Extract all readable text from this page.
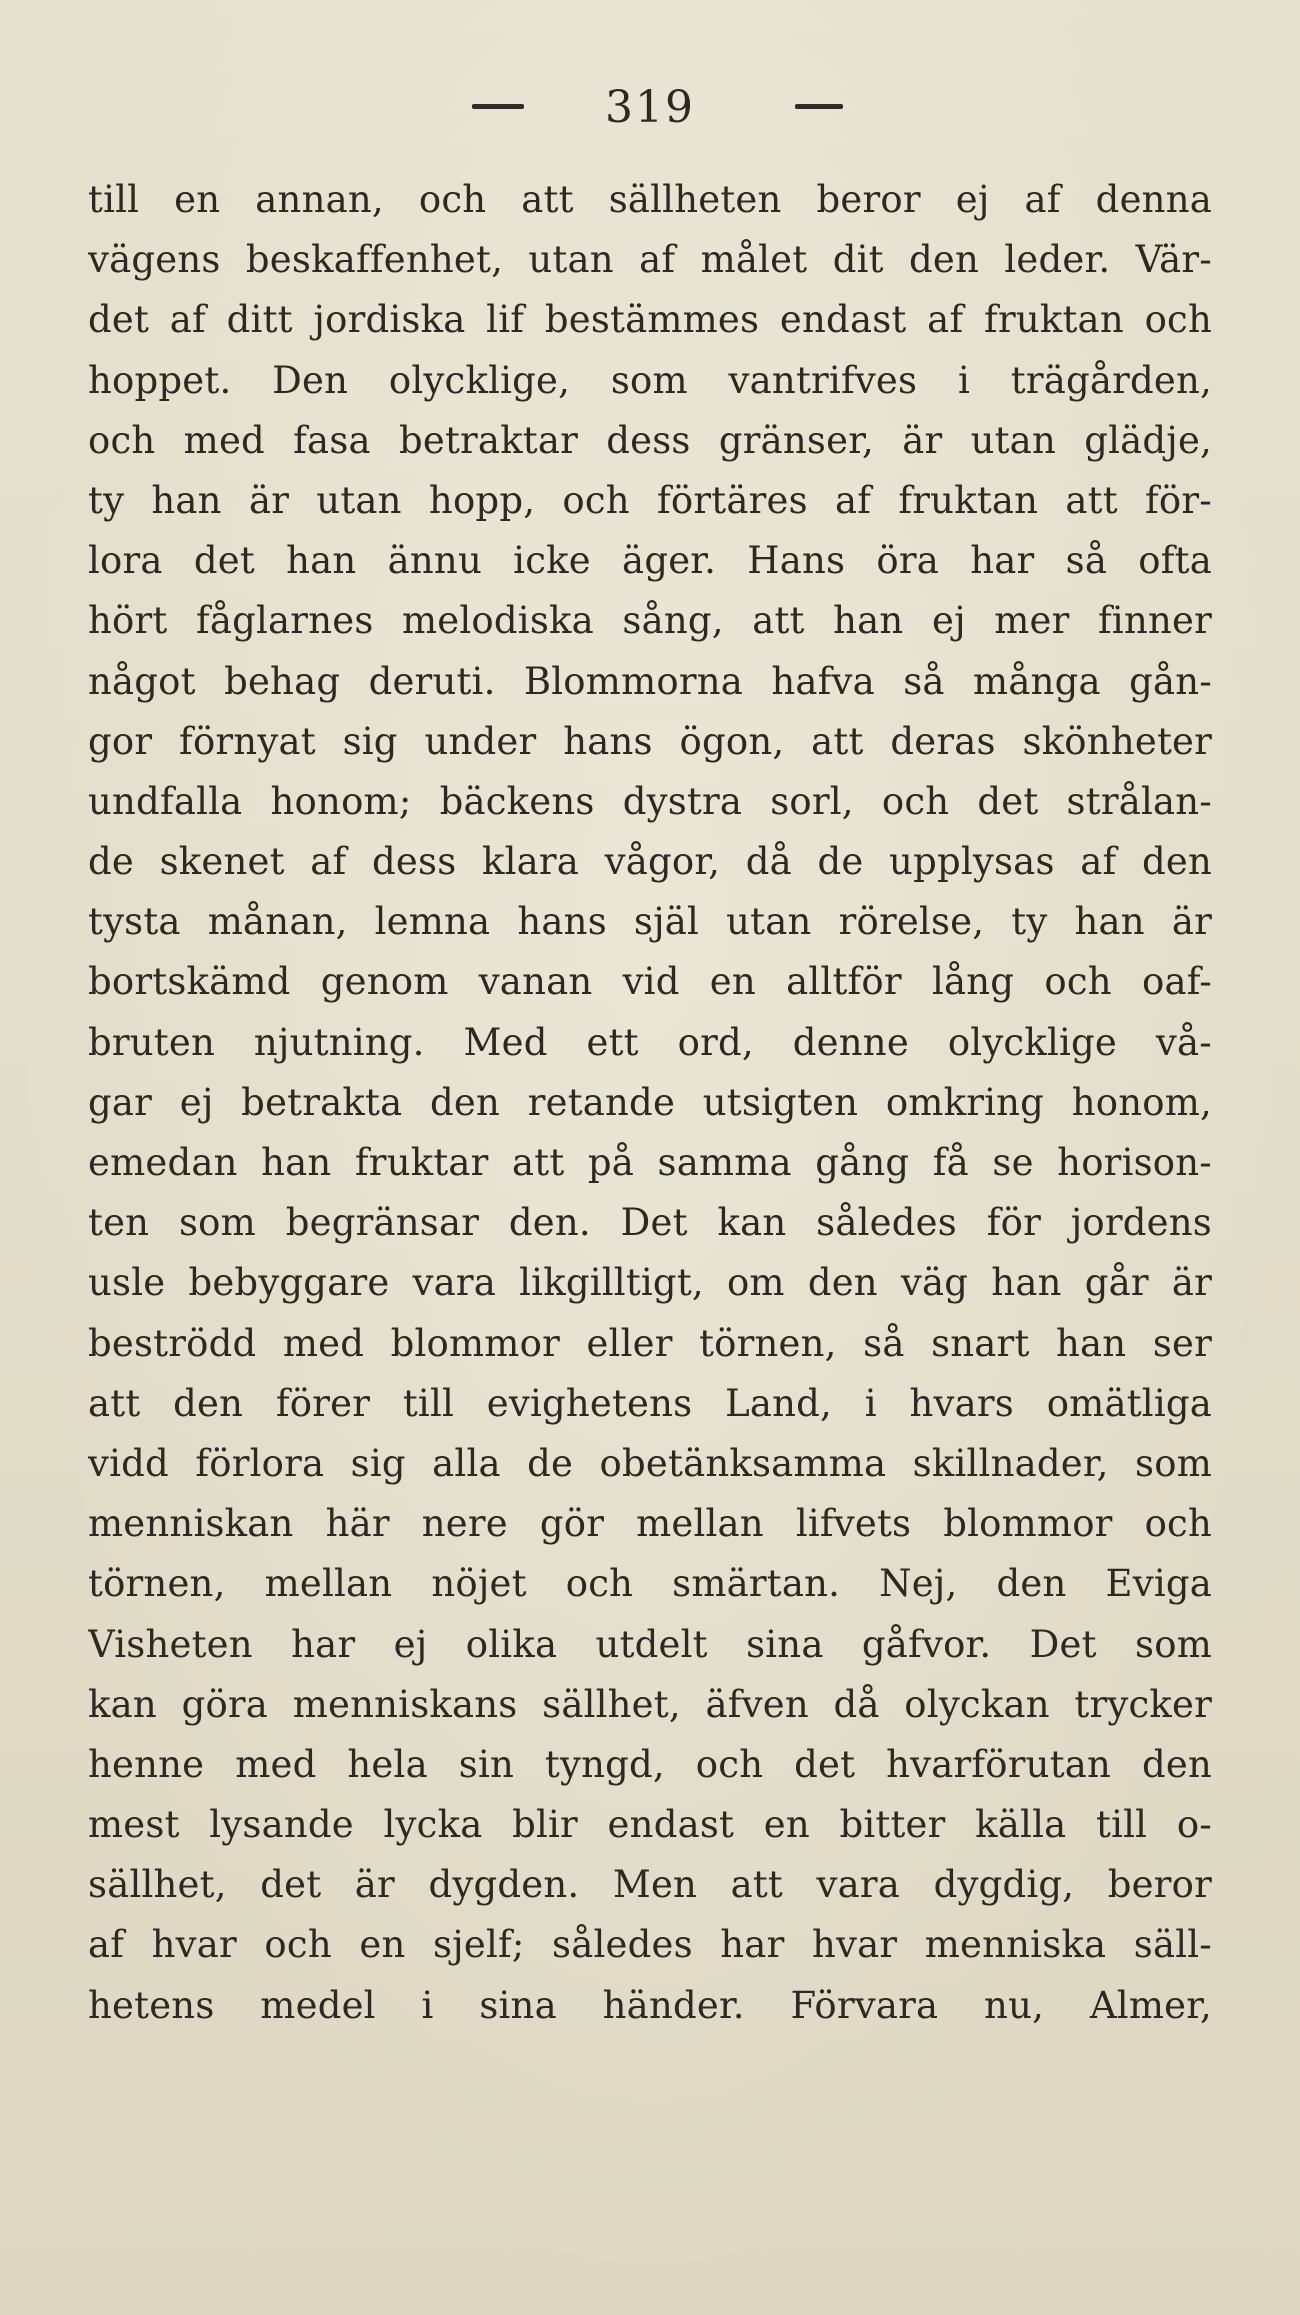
319
till en annan, och att sällheten beror ej af denna
vägens beskaffenhet, utan af målet dit den leder. Vär-
det af ditt jordiska lif bestämmes endast af fruktan och
hoppet. Den olycklige, som vantrifves i trägården,
och med fasa betraktar dess gränser, är utan glädje,
ty han är utan hopp, och förtäres af fruktan att för-
lora det han ännu icke äger. Hans öra har så ofta
hört fåglarnes melodiska sång, att han ej mer finner
något behag deruti. Blommorna hafva så många gån-
gor förnyat sig under hans ögon, att deras skönheter
undfalla honom; bäckens dystra sorl, och det strålan-
de skenet af dess klara vågor, då de upplysas af den
tysta månan, lemna hans själ utan rörelse, ty han är
bortskämd genom vanan vid en alltför lång och oaf-
bruten njutning. Med ett ord, denne olycklige vå-
gar ej betrakta den retande utsigten omkring honom,
emedan han fruktar att på samma gång få se horison-
ten som begränsar den. Det kan således för jordens
usle bebyggare vara likgilltigt, om den väg han går är
beströdd med blommor eller törnen, så snart han ser
att den förer till evighetens Land, i hvars omätliga
vidd förlora sig alla de obetänksamma skillnader, som
menniskan här nere gör mellan lifvets blommor och
törnen, mellan nöjet och smärtan. Nej, den Eviga
Visheten har ej olika utdelt sina gåfvor. Det som
kan göra menniskans sällhet, äfven då olyckan trycker
henne med hela sin tyngd, och det hvarförutan den
mest lysande lycka blir endast en bitter källa till o-
sällhet, det är dygden. Men att vara dygdig, beror
af hvar och en sjelf; således har hvar menniska säll-
hetens medel i sina händer. Förvara nu, Almer,
